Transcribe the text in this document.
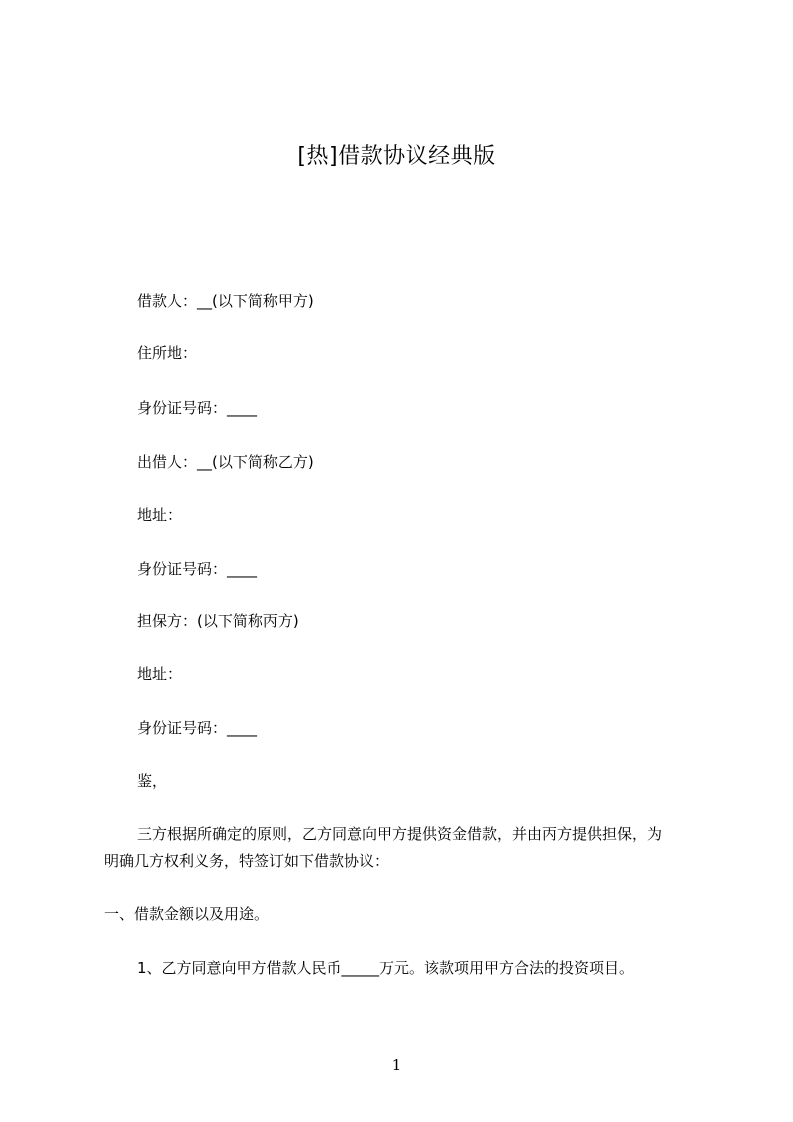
[热]借款协议经典版
借款人：__(以下简称甲方)
住所地：
身份证号码：____
出借人：__(以下简称乙方)
地址：
身份证号码：____
担保方：(以下简称丙方)
地址：
身份证号码：____
鉴，
三方根据所确定的原则，乙方同意向甲方提供资金借款，并由丙方提供担保，为
明确几方权利义务，特签订如下借款协议：
一、借款金额以及用途。
1、乙方同意向甲方借款人民币_____万元。该款项用甲方合法的投资项目。
1
